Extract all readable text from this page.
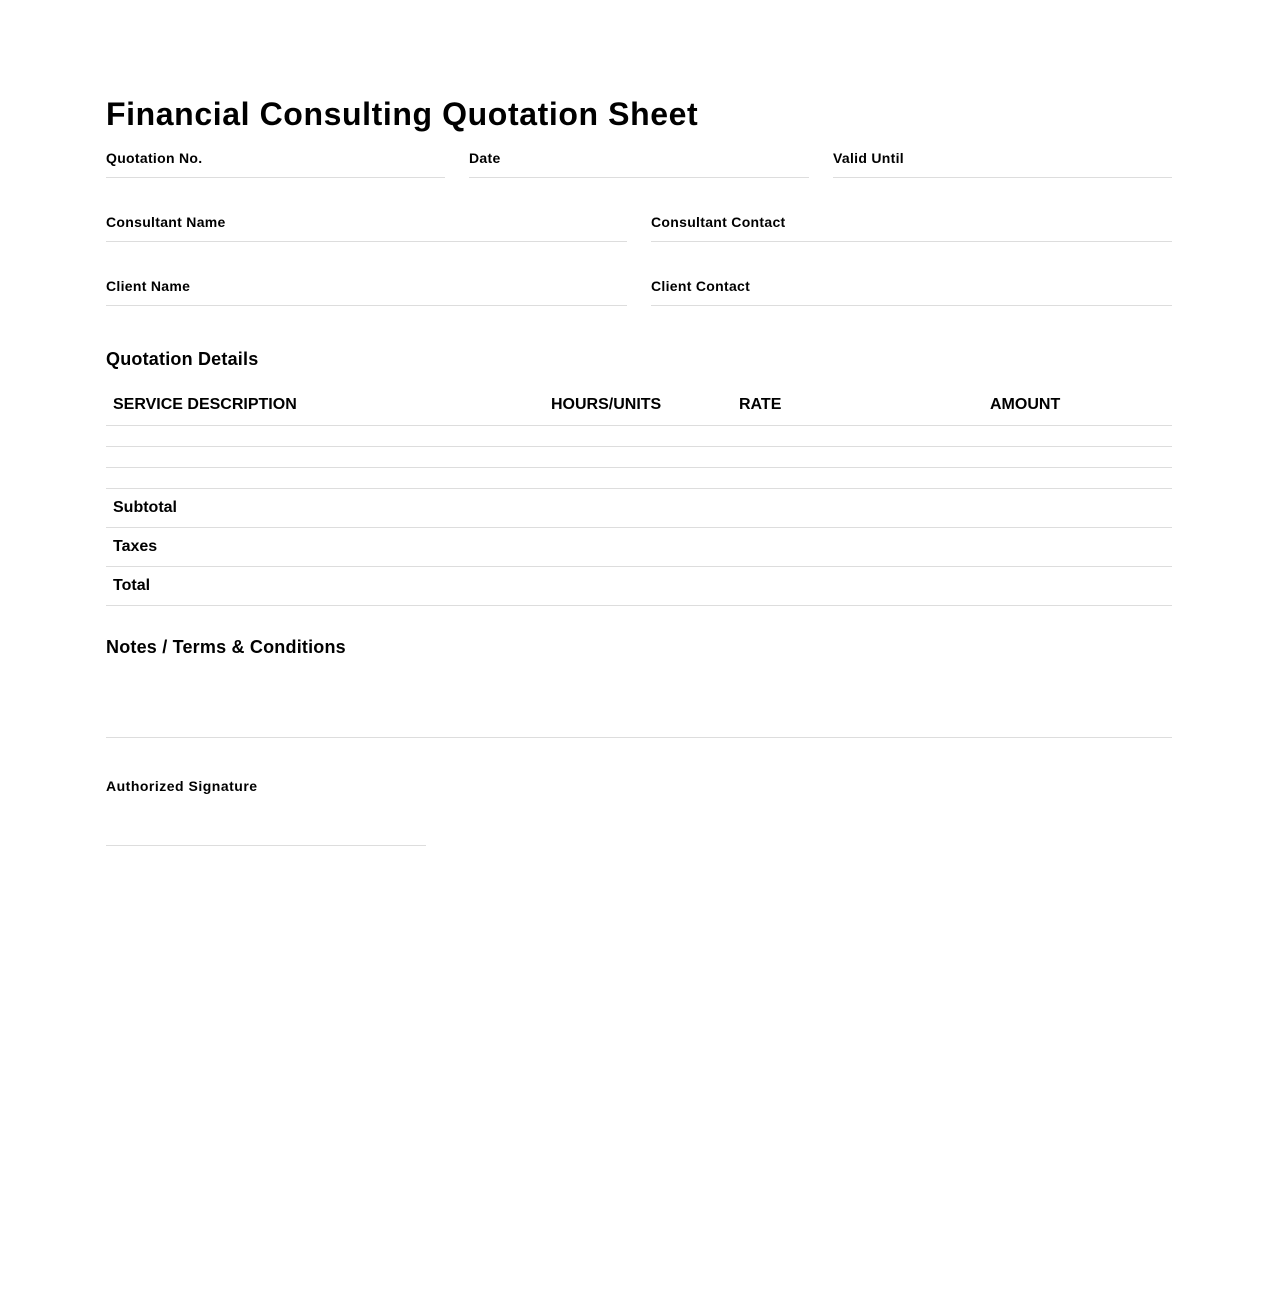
Financial Consulting Quotation Sheet
Quotation No.	Date	Valid Until
Consultant Name	Consultant Contact
Client Name	Client Contact
Quotation Details
SERVICE DESCRIPTION	HOURS/UNITS	RATE	AMOUNT
Subtotal
Taxes
Total
Notes / Terms & Conditions
Authorized Signature
